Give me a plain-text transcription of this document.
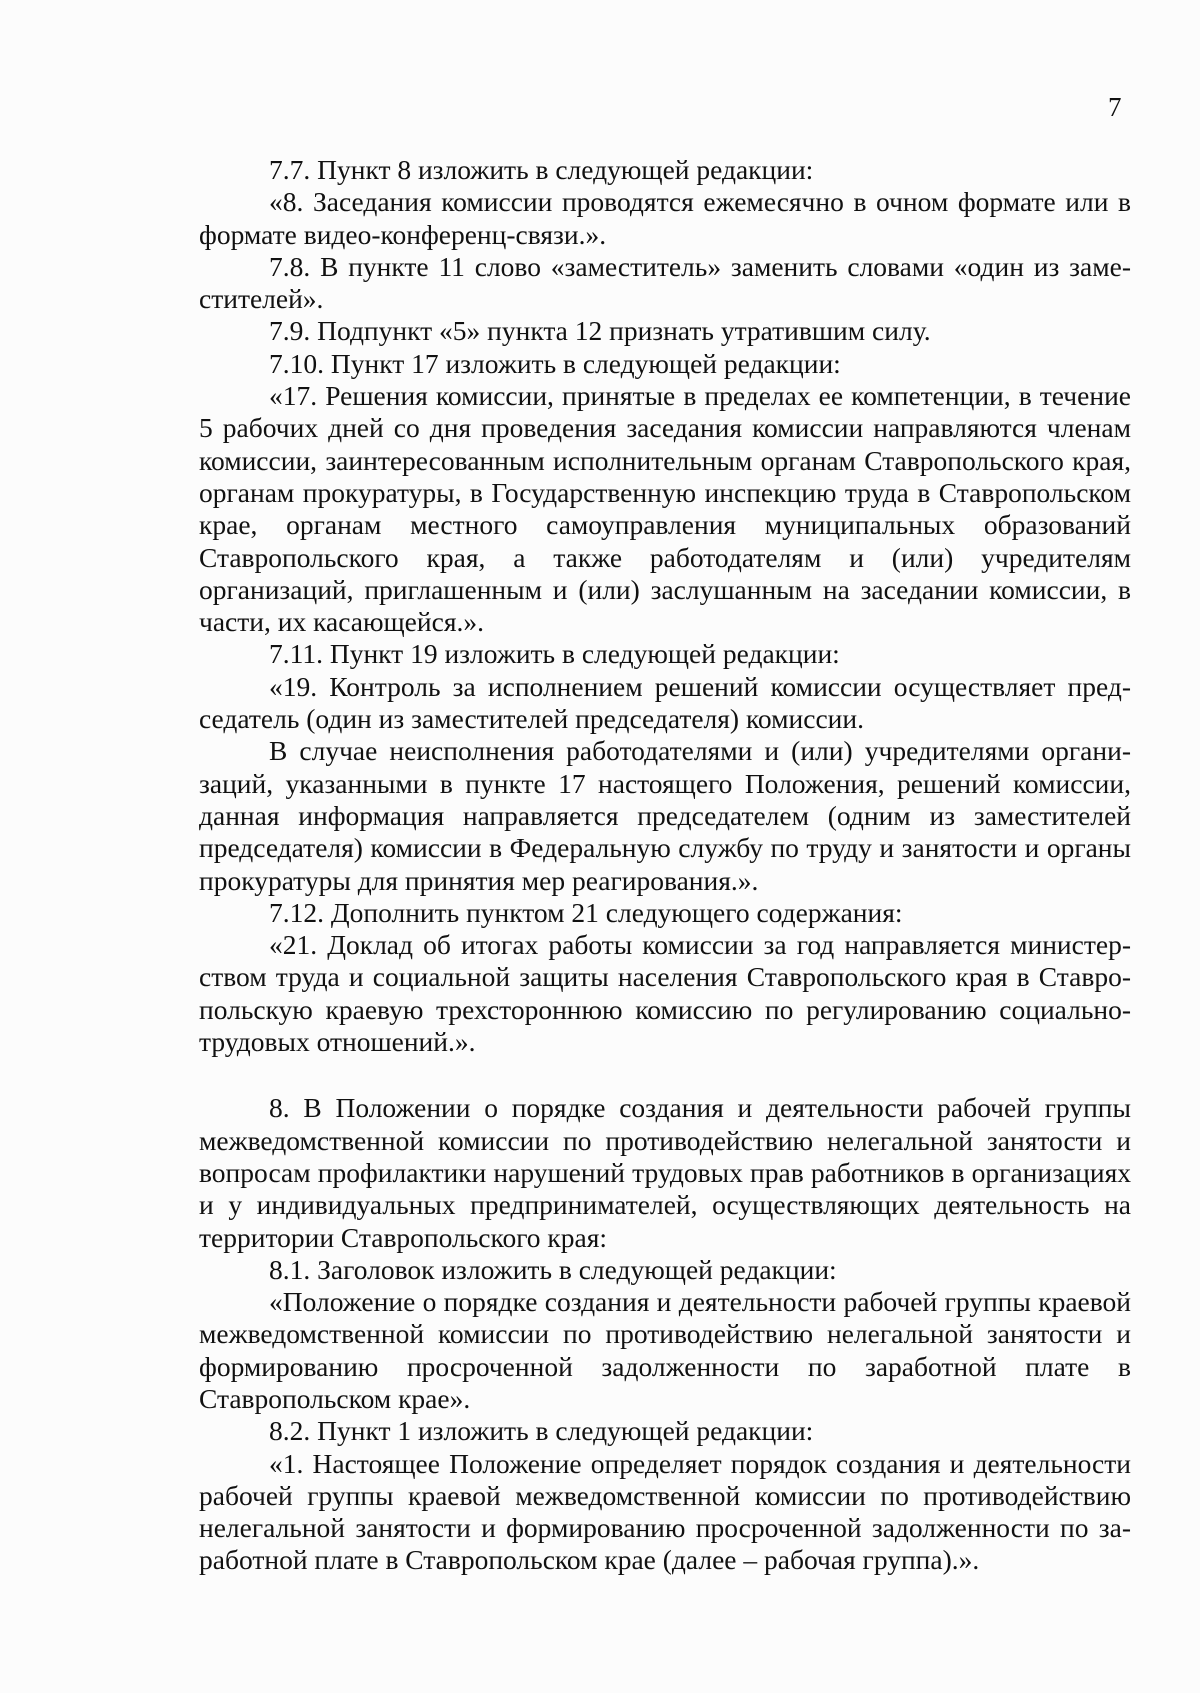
7

7.7. Пункт 8 изложить в следующей редакции:

«8. Заседания комиссии проводятся ежемесячно в очном формате или в формате видео-конференц-связи.».

7.8. В пункте 11 слово «заместитель» заменить словами «один из заместителей».

7.9. Подпункт «5» пункта 12 признать утратившим силу.

7.10. Пункт 17 изложить в следующей редакции:

«17. Решения комиссии, принятые в пределах ее компетенции, в течение 5 рабочих дней со дня проведения заседания комиссии направляются членам комиссии, заинтересованным исполнительным органам Ставропольского края, органам прокуратуры, в Государственную инспекцию труда в Ставропольском крае, органам местного самоуправления муниципальных образований Ставропольского края, а также работодателям и (или) учредителям организаций, приглашенным и (или) заслушанным на заседании комиссии, в части, их касающейся.».

7.11. Пункт 19 изложить в следующей редакции:

«19. Контроль за исполнением решений комиссии осуществляет председатель (один из заместителей председателя) комиссии.

В случае неисполнения работодателями и (или) учредителями организаций, указанными в пункте 17 настоящего Положения, решений комиссии, данная информация направляется председателем (одним из заместителей председателя) комиссии в Федеральную службу по труду и занятости и органы прокуратуры для принятия мер реагирования.».

7.12. Дополнить пунктом 21 следующего содержания:

«21. Доклад об итогах работы комиссии за год направляется министерством труда и социальной защиты населения Ставропольского края в Ставропольскую краевую трехстороннюю комиссию по регулированию социально-трудовых отношений.».

8. В Положении о порядке создания и деятельности рабочей группы межведомственной комиссии по противодействию нелегальной занятости и вопросам профилактики нарушений трудовых прав работников в организациях и у индивидуальных предпринимателей, осуществляющих деятельность на территории Ставропольского края:

8.1. Заголовок изложить в следующей редакции:

«Положение о порядке создания и деятельности рабочей группы краевой межведомственной комиссии по противодействию нелегальной занятости и формированию просроченной задолженности по заработной плате в Ставропольском крае».

8.2. Пункт 1 изложить в следующей редакции:

«1. Настоящее Положение определяет порядок создания и деятельности рабочей группы краевой межведомственной комиссии по противодействию нелегальной занятости и формированию просроченной задолженности по заработной плате в Ставропольском крае (далее – рабочая группа).».
